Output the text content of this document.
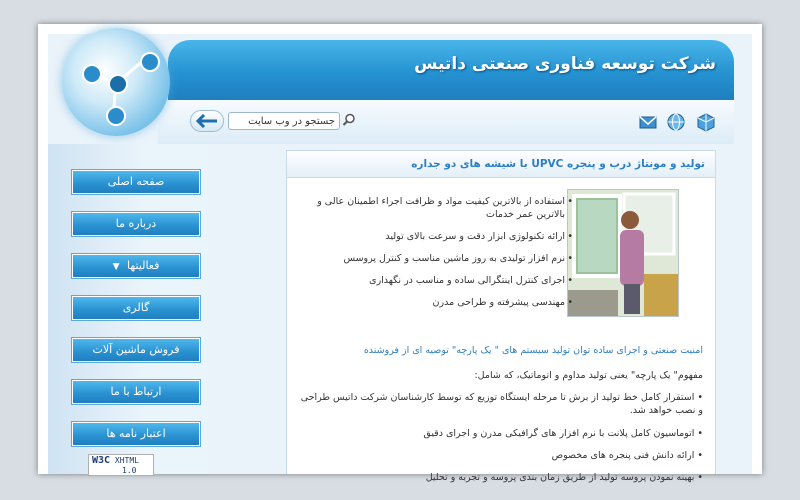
شرکت توسعه فناوری صنعتی داتیس
جستجو در وب سایت
صفحه اصلی
درباره ما
فعالیتها ▼
گالری
فروش ماشین آلات
ارتباط با ما
اعتبار نامه ها
W3C XHTML
1.0
تولید و مونتاژ درب و پنجره UPVC با شیشه های دو جداره
• استفاده از بالاترین کیفیت مواد و ظرافت اجراء اطمینان عالی و بالاترین عمر خدمات
• ارائه تکنولوژی ابزار دقت و سرعت بالای تولید
• نرم افزار تولیدی به روز ماشین مناسب و کنترل پروسس
• اجرای کنترل اینتگرالی ساده و مناسب در نگهداری
• مهندسی پیشرفته و طراحی مدرن

امنیت صنعتی و اجرای ساده توان تولید سیستم های " یک پارچه" توصیه ای از فروشنده

مفهوم" یک پارچه" یعنی تولید مداوم و اتوماتیک، که شامل:

• استقرار کامل خط تولید از برش تا مرحله ایستگاه توزیع که توسط کارشناسان شرکت داتیس طراحی و نصب خواهد شد.

• اتوماسیون کامل پلانت با نرم افزار های گرافیکی مدرن و اجرای دقیق

• ارائه دانش فنی پنجره های مخصوص

• بهینه نمودن پروسه تولید از طریق زمان بندی پروسه و تجربه و تحلیل
